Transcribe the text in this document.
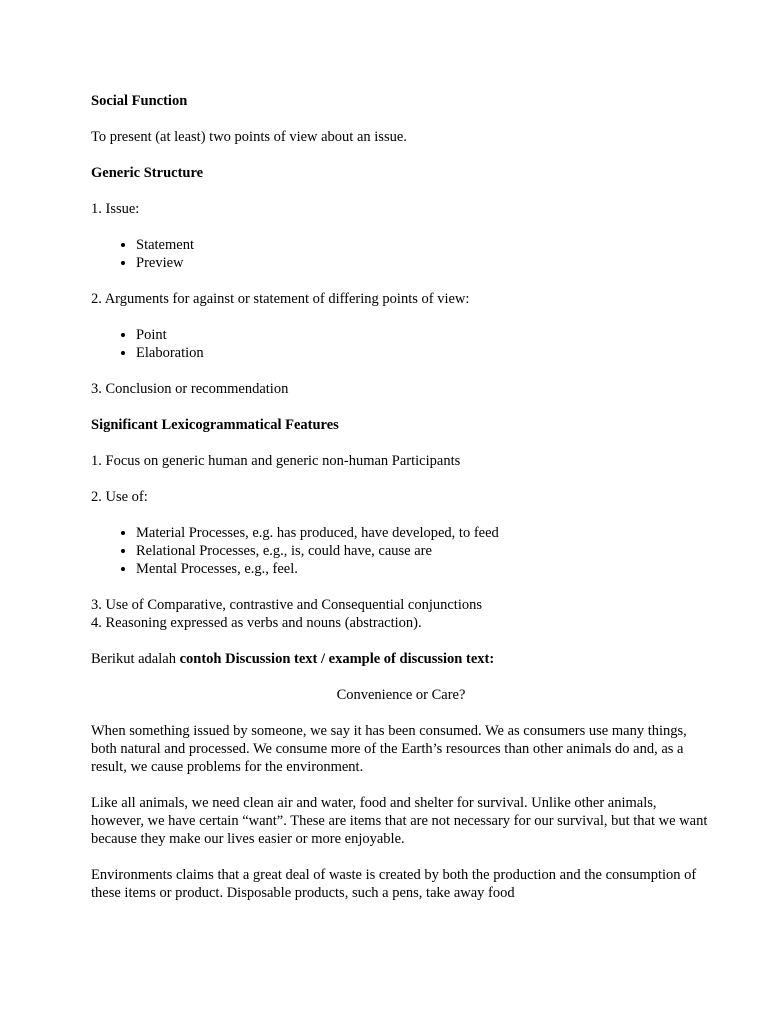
Social Function
To present (at least) two points of view about an issue.
Generic Structure
1. Issue:
• Statement
• Preview
2. Arguments for against or statement of differing points of view:
• Point
• Elaboration
3. Conclusion or recommendation
Significant Lexicogrammatical Features
1. Focus on generic human and generic non-human Participants
2. Use of:
• Material Processes, e.g. has produced, have developed, to feed
• Relational Processes, e.g., is, could have, cause are
• Mental Processes, e.g., feel.
3. Use of Comparative, contrastive and Consequential conjunctions
4. Reasoning expressed as verbs and nouns (abstraction).
Berikut adalah contoh Discussion text / example of discussion text:
Convenience or Care?
When something issued by someone, we say it has been consumed. We as consumers use many things, both natural and processed. We consume more of the Earth’s resources than other animals do and, as a result, we cause problems for the environment.
Like all animals, we need clean air and water, food and shelter for survival. Unlike other animals, however, we have certain “want”. These are items that are not necessary for our survival, but that we want because they make our lives easier or more enjoyable.
Environments claims that a great deal of waste is created by both the production and the consumption of these items or product. Disposable products, such a pens, take away food
